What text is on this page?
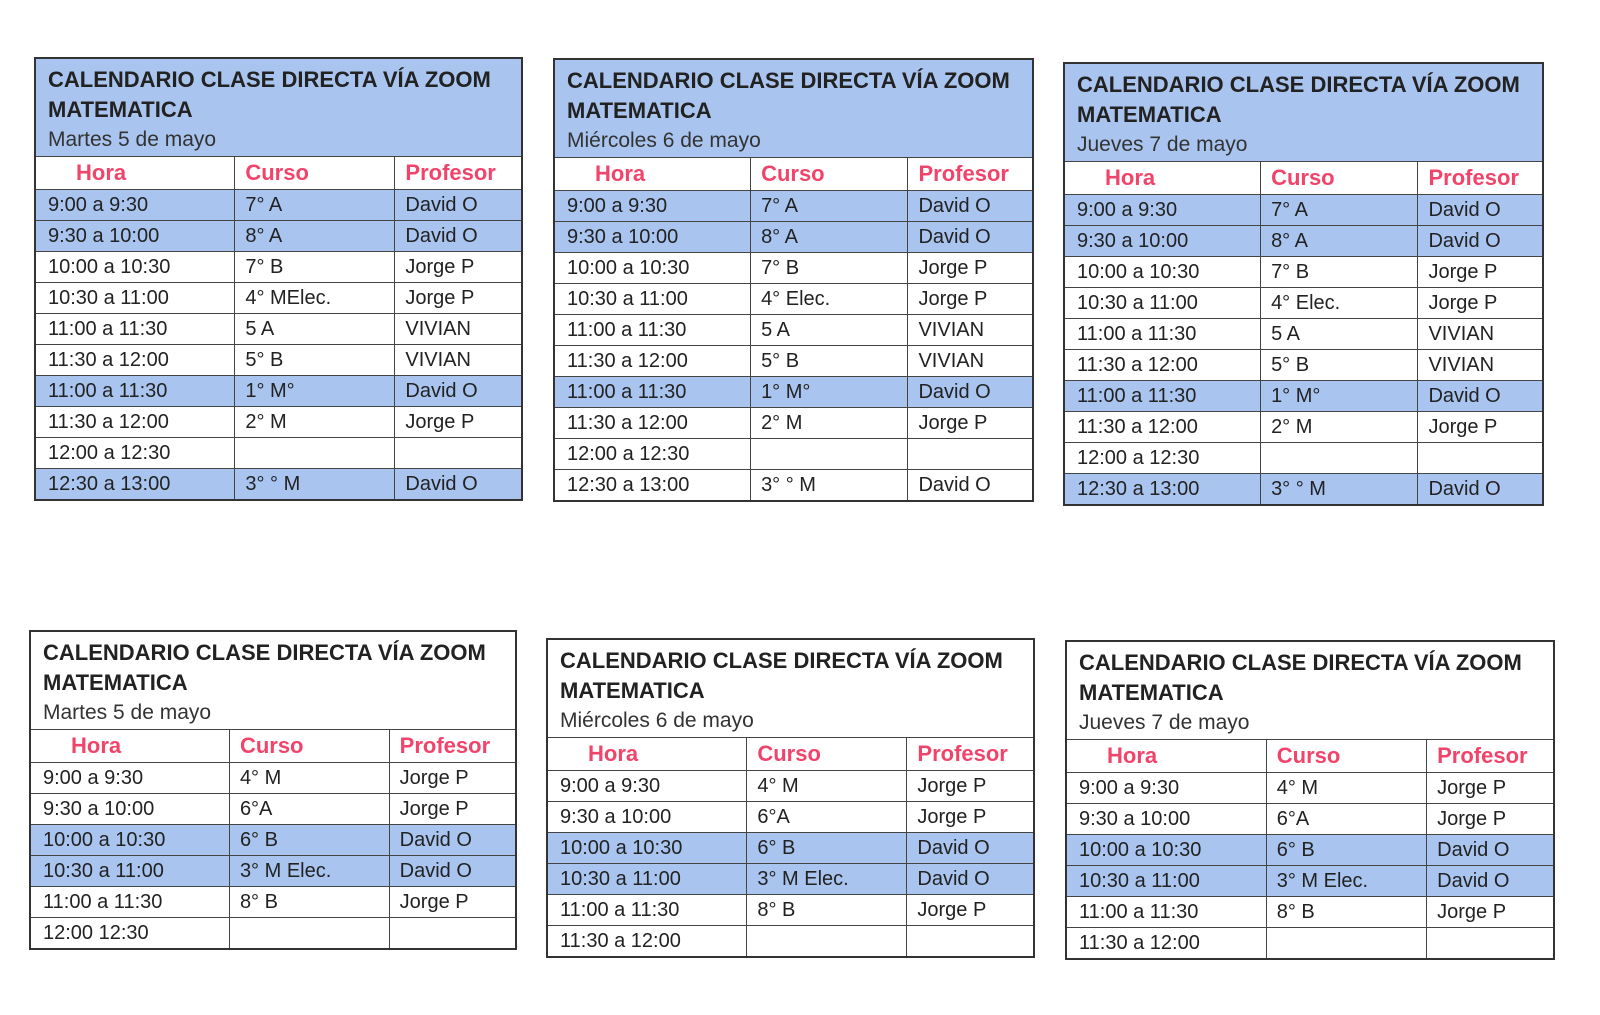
CALENDARIO CLASE DIRECTA VÍA ZOOM
MATEMATICA
Martes 5 de mayo
Hora	Curso	Profesor
9:00 a 9:30	7° A	David O
9:30 a 10:00	8° A	David O
10:00 a 10:30	7° B	Jorge P
10:30 a 11:00	4° MElec.	Jorge P
11:00 a 11:30	5 A	VIVIAN
11:30 a 12:00	5° B	VIVIAN
11:00 a 11:30	1° M°	David O
11:30 a 12:00	2° M	Jorge P
12:00 a 12:30		
12:30 a 13:00	3° ° M	David O
CALENDARIO CLASE DIRECTA VÍA ZOOM
MATEMATICA
Miércoles 6 de mayo
Hora	Curso	Profesor
9:00 a 9:30	7° A	David O
9:30 a 10:00	8° A	David O
10:00 a 10:30	7° B	Jorge P
10:30 a 11:00	4° Elec.	Jorge P
11:00 a 11:30	5 A	VIVIAN
11:30 a 12:00	5° B	VIVIAN
11:00 a 11:30	1° M°	David O
11:30 a 12:00	2° M	Jorge P
12:00 a 12:30		
12:30 a 13:00	3° ° M	David O
CALENDARIO CLASE DIRECTA VÍA ZOOM
MATEMATICA
Jueves 7 de mayo
Hora	Curso	Profesor
9:00 a 9:30	7° A	David O
9:30 a 10:00	8° A	David O
10:00 a 10:30	7° B	Jorge P
10:30 a 11:00	4° Elec.	Jorge P
11:00 a 11:30	5 A	VIVIAN
11:30 a 12:00	5° B	VIVIAN
11:00 a 11:30	1° M°	David O
11:30 a 12:00	2° M	Jorge P
12:00 a 12:30		
12:30 a 13:00	3° ° M	David O
CALENDARIO CLASE DIRECTA VÍA ZOOM
MATEMATICA
Martes 5 de mayo
Hora	Curso	Profesor
9:00 a 9:30	4° M	Jorge P
9:30 a 10:00	6°A	Jorge P
10:00 a 10:30	6° B	David O
10:30 a 11:00	3° M Elec.	David O
11:00 a 11:30	8° B	Jorge P
12:00 12:30		
CALENDARIO CLASE DIRECTA VÍA ZOOM
MATEMATICA
Miércoles 6 de mayo
Hora	Curso	Profesor
9:00 a 9:30	4° M	Jorge P
9:30 a 10:00	6°A	Jorge P
10:00 a 10:30	6° B	David O
10:30 a 11:00	3° M Elec.	David O
11:00 a 11:30	8° B	Jorge P
11:30 a 12:00		
CALENDARIO CLASE DIRECTA VÍA ZOOM
MATEMATICA
Jueves 7 de mayo
Hora	Curso	Profesor
9:00 a 9:30	4° M	Jorge P
9:30 a 10:00	6°A	Jorge P
10:00 a 10:30	6° B	David O
10:30 a 11:00	3° M Elec.	David O
11:00 a 11:30	8° B	Jorge P
11:30 a 12:00		
